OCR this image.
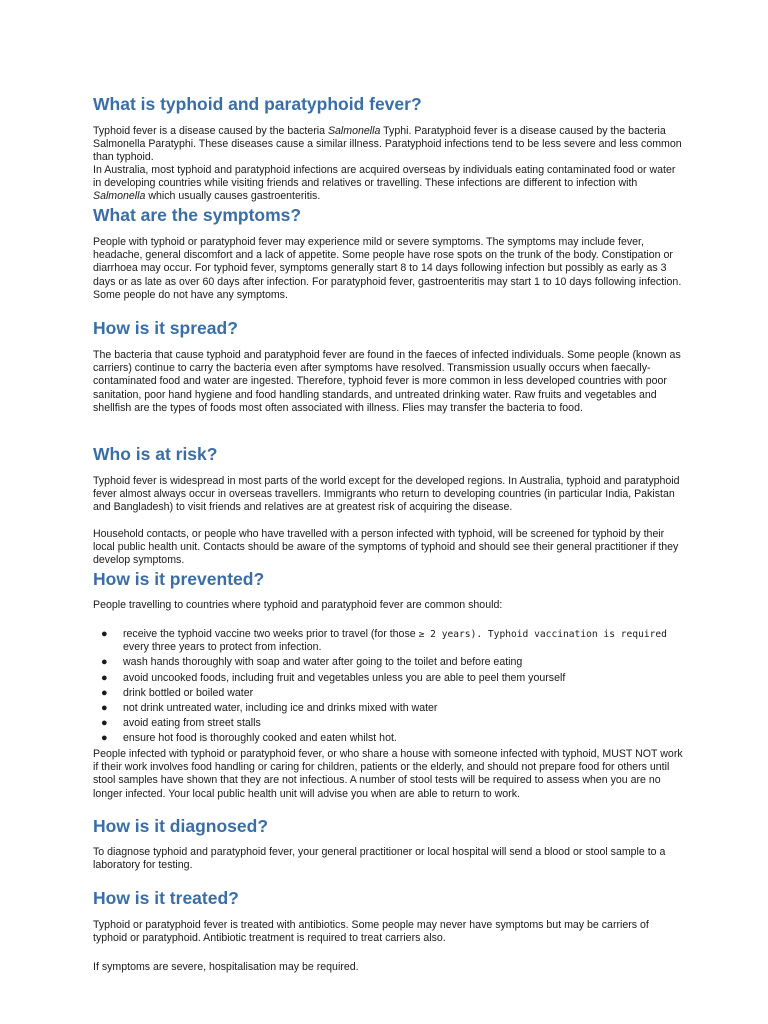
What is typhoid and paratyphoid fever?

Typhoid fever is a disease caused by the bacteria Salmonella Typhi. Paratyphoid fever is a disease caused by the bacteria Salmonella Paratyphi. These diseases cause a similar illness. Paratyphoid infections tend to be less severe and less common than typhoid.

In Australia, most typhoid and paratyphoid infections are acquired overseas by individuals eating contaminated food or water in developing countries while visiting friends and relatives or travelling. These infections are different to infection with Salmonella which usually causes gastroenteritis.

What are the symptoms?

People with typhoid or paratyphoid fever may experience mild or severe symptoms. The symptoms may include fever, headache, general discomfort and a lack of appetite. Some people have rose spots on the trunk of the body. Constipation or diarrhoea may occur. For typhoid fever, symptoms generally start 8 to 14 days following infection but possibly as early as 3 days or as late as over 60 days after infection. For paratyphoid fever, gastroenteritis may start 1 to 10 days following infection. Some people do not have any symptoms.

How is it spread?

The bacteria that cause typhoid and paratyphoid fever are found in the faeces of infected individuals. Some people (known as carriers) continue to carry the bacteria even after symptoms have resolved. Transmission usually occurs when faecally-contaminated food and water are ingested. Therefore, typhoid fever is more common in less developed countries with poor sanitation, poor hand hygiene and food handling standards, and untreated drinking water. Raw fruits and vegetables and shellfish are the types of foods most often associated with illness. Flies may transfer the bacteria to food.

Who is at risk?

Typhoid fever is widespread in most parts of the world except for the developed regions. In Australia, typhoid and paratyphoid fever almost always occur in overseas travellers. Immigrants who return to developing countries (in particular India, Pakistan and Bangladesh) to visit friends and relatives are at greatest risk of acquiring the disease.

Household contacts, or people who have travelled with a person infected with typhoid, will be screened for typhoid by their local public health unit. Contacts should be aware of the symptoms of typhoid and should see their general practitioner if they develop symptoms.

How is it prevented?

People travelling to countries where typhoid and paratyphoid fever are common should:

● receive the typhoid vaccine two weeks prior to travel (for those ≥ 2 years). Typhoid vaccination is required every three years to protect from infection.
● wash hands thoroughly with soap and water after going to the toilet and before eating
● avoid uncooked foods, including fruit and vegetables unless you are able to peel them yourself
● drink bottled or boiled water
● not drink untreated water, including ice and drinks mixed with water
● avoid eating from street stalls
● ensure hot food is thoroughly cooked and eaten whilst hot.

People infected with typhoid or paratyphoid fever, or who share a house with someone infected with typhoid, MUST NOT work if their work involves food handling or caring for children, patients or the elderly, and should not prepare food for others until stool samples have shown that they are not infectious. A number of stool tests will be required to assess when you are no longer infected. Your local public health unit will advise you when are able to return to work.

How is it diagnosed?

To diagnose typhoid and paratyphoid fever, your general practitioner or local hospital will send a blood or stool sample to a laboratory for testing.

How is it treated?

Typhoid or paratyphoid fever is treated with antibiotics. Some people may never have symptoms but may be carriers of typhoid or paratyphoid. Antibiotic treatment is required to treat carriers also.

If symptoms are severe, hospitalisation may be required.
